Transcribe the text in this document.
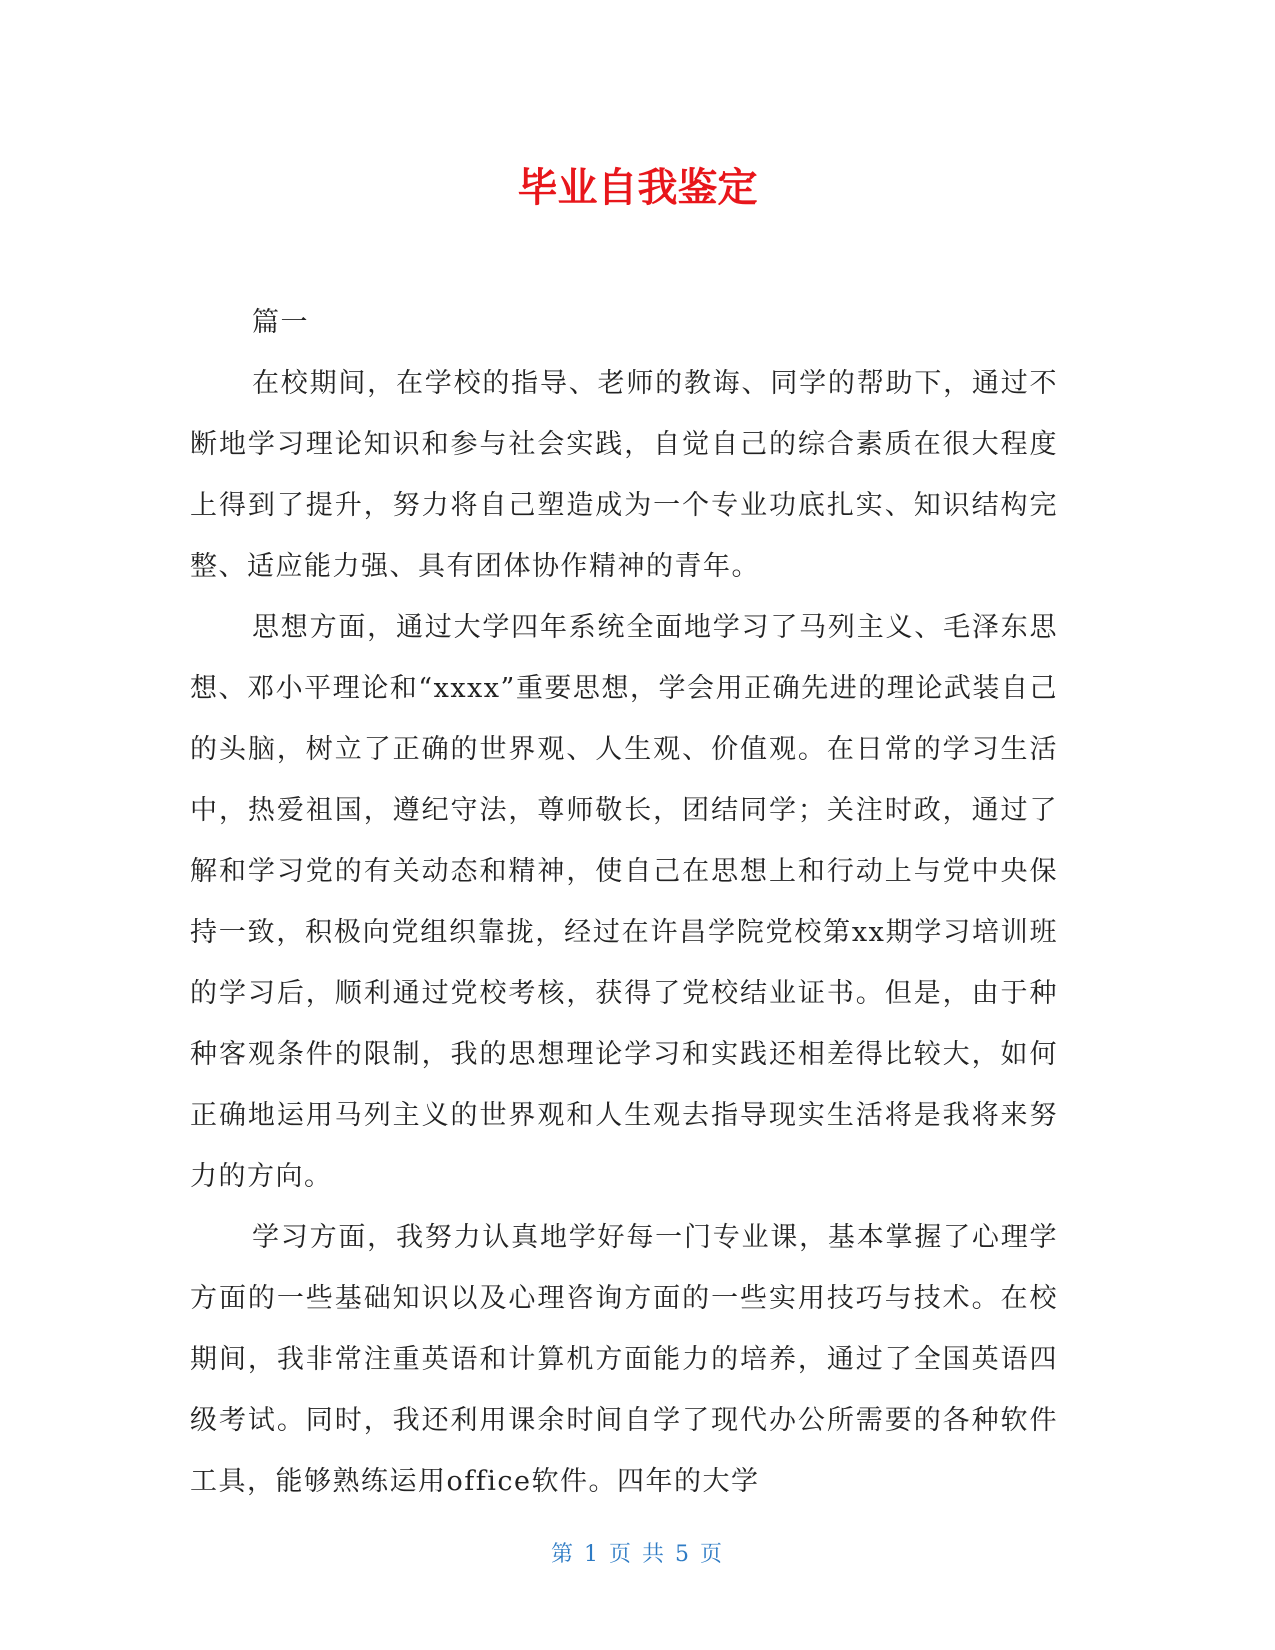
毕业自我鉴定

篇一

在校期间，在学校的指导、老师的教诲、同学的帮助下，通过不断地学习理论知识和参与社会实践，自觉自己的综合素质在很大程度上得到了提升，努力将自己塑造成为一个专业功底扎实、知识结构完整、适应能力强、具有团体协作精神的青年。

思想方面，通过大学四年系统全面地学习了马列主义、毛泽东思想、邓小平理论和“xxxx”重要思想，学会用正确先进的理论武装自己的头脑，树立了正确的世界观、人生观、价值观。在日常的学习生活中，热爱祖国，遵纪守法，尊师敬长，团结同学；关注时政，通过了解和学习党的有关动态和精神，使自己在思想上和行动上与党中央保持一致，积极向党组织靠拢，经过在许昌学院党校第xx期学习培训班的学习后，顺利通过党校考核，获得了党校结业证书。但是，由于种种客观条件的限制，我的思想理论学习和实践还相差得比较大，如何正确地运用马列主义的世界观和人生观去指导现实生活将是我将来努力的方向。

学习方面，我努力认真地学好每一门专业课，基本掌握了心理学方面的一些基础知识以及心理咨询方面的一些实用技巧与技术。在校期间，我非常注重英语和计算机方面能力的培养，通过了全国英语四级考试。同时，我还利用课余时间自学了现代办公所需要的各种软件工具，能够熟练运用office软件。四年的大学

第 1 页 共 5 页
